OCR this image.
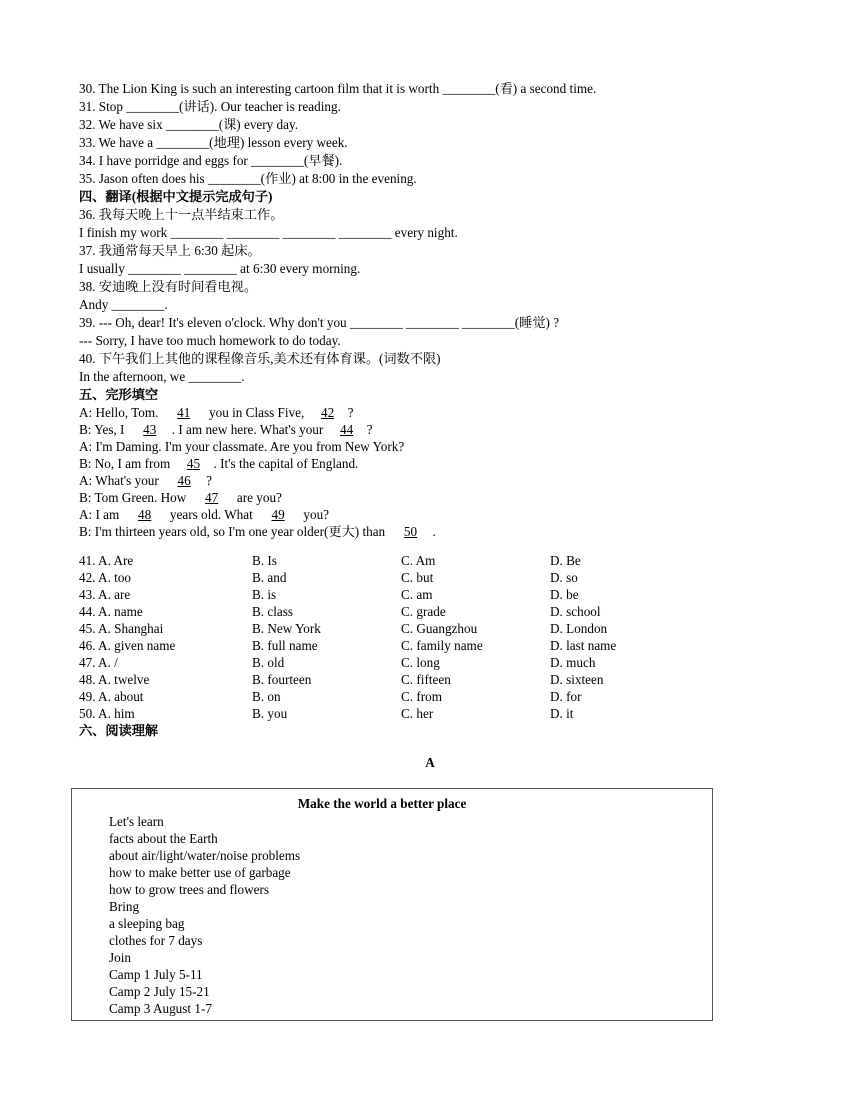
30. The Lion King is such an interesting cartoon film that it is worth ________(看) a second time.
31. Stop ________(讲话). Our teacher is reading.
32. We have six ________(课) every day.
33. We have a ________(地理) lesson every week.
34. I have porridge and eggs for ________(早餐).
35. Jason often does his ________(作业) at 8:00 in the evening.
四、翻译(根据中文提示完成句子)
36. 我每天晚上十一点半结束工作。
I finish my work ________ ________ ________ ________ every night.
37. 我通常每天早上 6:30 起床。
I usually ________ ________ at 6:30 every morning.
38. 安迪晚上没有时间看电视。
Andy ________.
39. --- Oh, dear! It's eleven o'clock. Why don't you ________ ________ ________(睡觉) ?
--- Sorry, I have too much homework to do today.
40. 下午我们上其他的课程像音乐,美术还有体育课。(词数不限)
In the afternoon, we ________.
五、完形填空
A: Hello, Tom. 41 you in Class Five, 42 ?
B: Yes, I 43 . I am new here. What's your 44 ?
A: I'm Daming. I'm your classmate. Are you from New York?
B: No, I am from 45 . It's the capital of England.
A: What's your 46 ?
B: Tom Green. How 47 are you?
A: I am 48 years old. What 49 you?
B: I'm thirteen years old, so I'm one year older(更大) than 50 .
41. A. Are	B. Is	C. Am	D. Be
42. A. too	B. and	C. but	D. so
43. A. are	B. is	C. am	D. be
44. A. name	B. class	C. grade	D. school
45. A. Shanghai	B. New York	C. Guangzhou	D. London
46. A. given name	B. full name	C. family name	D. last name
47. A. /	B. old	C. long	D. much
48. A. twelve	B. fourteen	C. fifteen	D. sixteen
49. A. about	B. on	C. from	D. for
50. A. him	B. you	C. her	D. it
六、阅读理解
A
Make the world a better place
Let's learn
facts about the Earth
about air/light/water/noise problems
how to make better use of garbage
how to grow trees and flowers
Bring
a sleeping bag
clothes for 7 days
Join
Camp 1 July 5-11
Camp 2 July 15-21
Camp 3 August 1-7
